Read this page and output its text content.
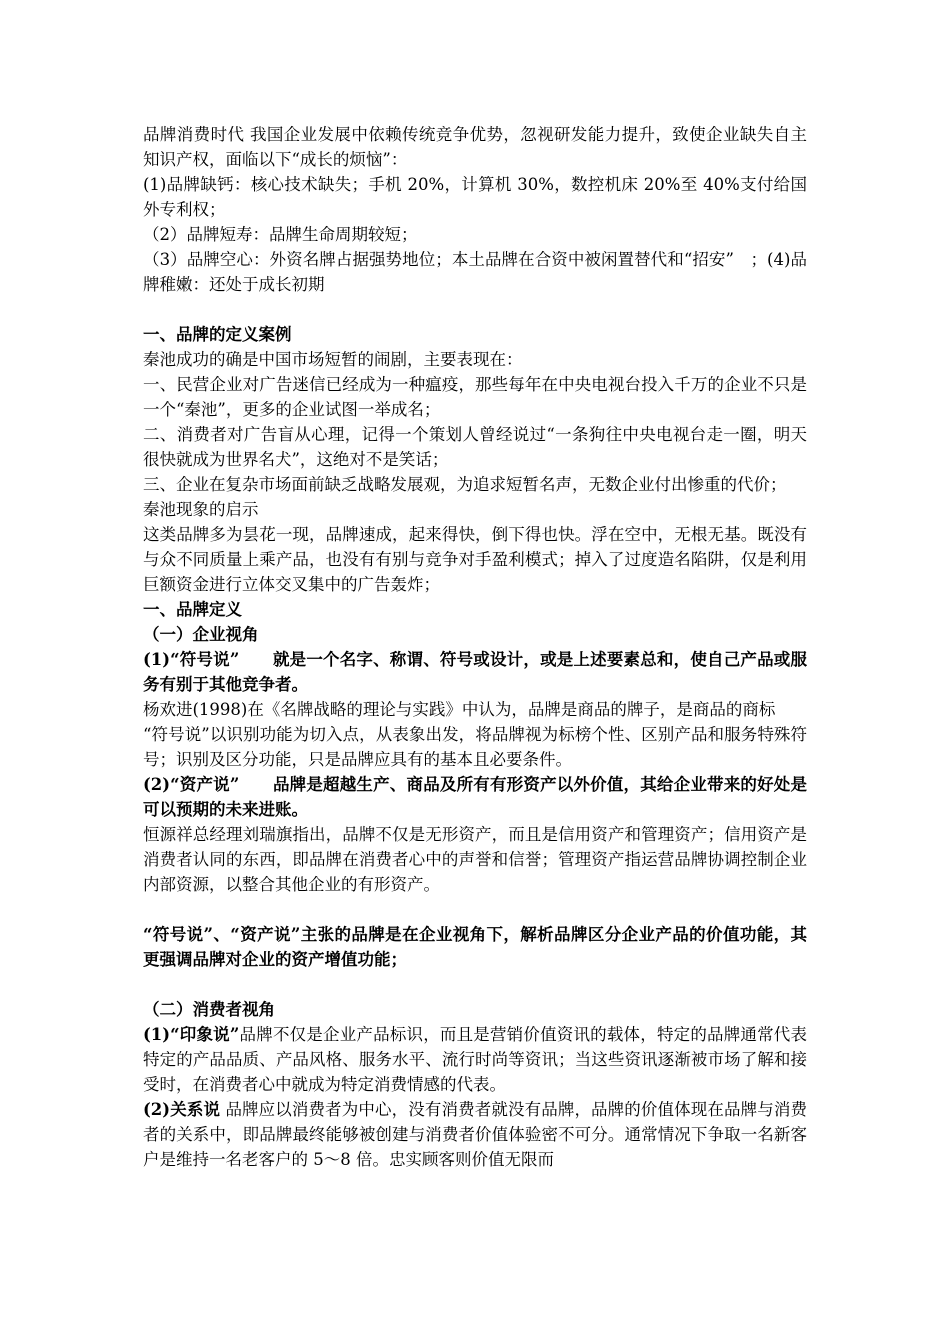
品牌消费时代 我国企业发展中依赖传统竞争优势，忽视研发能力提升，致使企业缺失自主知识产权，面临以下“成长的烦恼”：

(1)品牌缺钙：核心技术缺失；手机 20%，计算机 30%，数控机床 20%至 40%支付给国外专利权；

（2）品牌短寿：品牌生命周期较短；

（3）品牌空心：外资名牌占据强势地位；本土品牌在合资中被闲置替代和“招安”　；(4)品牌稚嫩：还处于成长初期

一、品牌的定义案例

秦池成功的确是中国市场短暂的闹剧，主要表现在：

一、民营企业对广告迷信已经成为一种瘟疫，那些每年在中央电视台投入千万的企业不只是一个“秦池”，更多的企业试图一举成名；

二、消费者对广告盲从心理，记得一个策划人曾经说过“一条狗往中央电视台走一圈，明天很快就成为世界名犬”，这绝对不是笑话；

三、企业在复杂市场面前缺乏战略发展观，为追求短暂名声，无数企业付出惨重的代价；

秦池现象的启示

这类品牌多为昙花一现，品牌速成，起来得快，倒下得也快。浮在空中，无根无基。既没有与众不同质量上乘产品，也没有有别与竞争对手盈利模式；掉入了过度造名陷阱，仅是利用巨额资金进行立体交叉集中的广告轰炸；

一、品牌定义

（一）企业视角

(1)“符号说”　　就是一个名字、称谓、符号或设计，或是上述要素总和，使自己产品或服务有别于其他竞争者。

杨欢进(1998)在《名牌战略的理论与实践》中认为，品牌是商品的牌子，是商品的商标

“符号说”以识别功能为切入点，从表象出发，将品牌视为标榜个性、区别产品和服务特殊符号；识别及区分功能，只是品牌应具有的基本且必要条件。

(2)“资产说”　　品牌是超越生产、商品及所有有形资产以外价值，其给企业带来的好处是可以预期的未来进账。

恒源祥总经理刘瑞旗指出，品牌不仅是无形资产，而且是信用资产和管理资产；信用资产是消费者认同的东西，即品牌在消费者心中的声誉和信誉；管理资产指运营品牌协调控制企业内部资源，以整合其他企业的有形资产。

“符号说”、“资产说”主张的品牌是在企业视角下，解析品牌区分企业产品的价值功能，其更强调品牌对企业的资产增值功能；

（二）消费者视角

(1)“印象说”品牌不仅是企业产品标识，而且是营销价值资讯的载体，特定的品牌通常代表特定的产品品质、产品风格、服务水平、流行时尚等资讯；当这些资讯逐渐被市场了解和接受时，在消费者心中就成为特定消费情感的代表。

(2)关系说 品牌应以消费者为中心，没有消费者就没有品牌，品牌的价值体现在品牌与消费者的关系中，即品牌最终能够被创建与消费者价值体验密不可分。通常情况下争取一名新客户是维持一名老客户的 5～8 倍。忠实顾客则价值无限而
